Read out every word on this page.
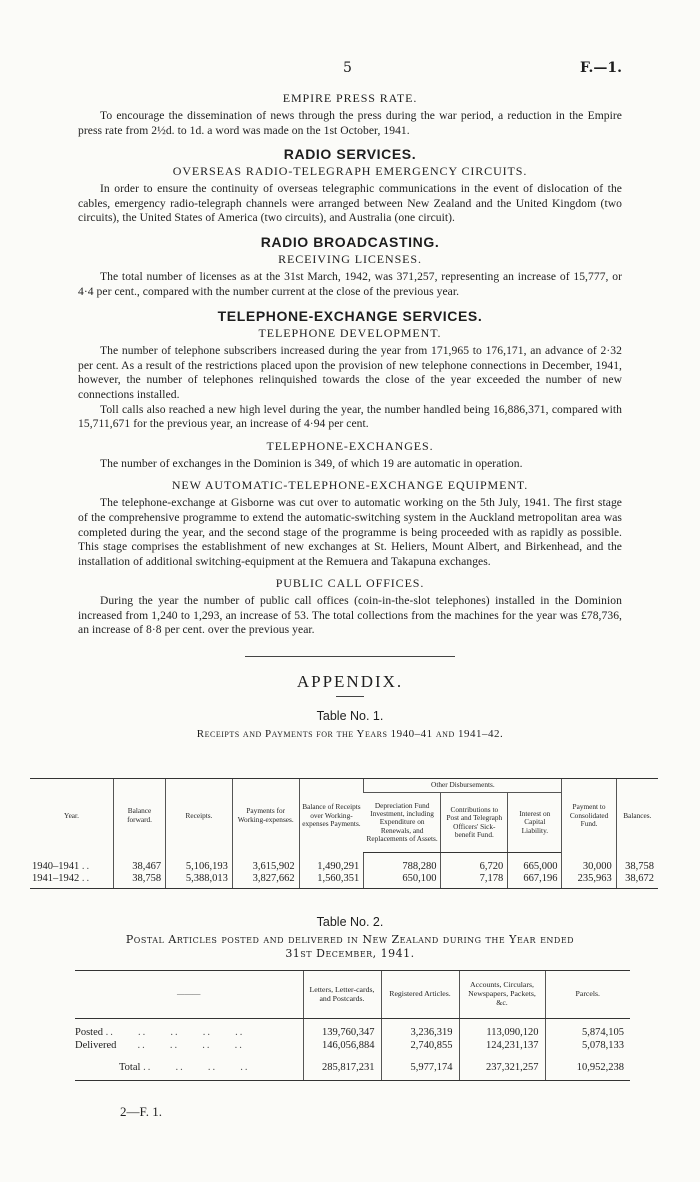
5	F.—1.
EMPIRE PRESS RATE.

To encourage the dissemination of news through the press during the war period, a reduction in the Empire press rate from 2½d. to 1d. a word was made on the 1st October, 1941.

RADIO SERVICES.
OVERSEAS RADIO-TELEGRAPH EMERGENCY CIRCUITS.

In order to ensure the continuity of overseas telegraphic communications in the event of dislocation of the cables, emergency radio-telegraph channels were arranged between New Zealand and the United Kingdom (two circuits), the United States of America (two circuits), and Australia (one circuit).

RADIO BROADCASTING.
RECEIVING LICENSES.

The total number of licenses as at the 31st March, 1942, was 371,257, representing an increase of 15,777, or 4·4 per cent., compared with the number current at the close of the previous year.

TELEPHONE-EXCHANGE SERVICES.
TELEPHONE DEVELOPMENT.

The number of telephone subscribers increased during the year from 171,965 to 176,171, an advance of 2·32 per cent. As a result of the restrictions placed upon the provision of new telephone connections in December, 1941, however, the number of telephones relinquished towards the close of the year exceeded the number of new connections installed.

Toll calls also reached a new high level during the year, the number handled being 16,886,371, compared with 15,711,671 for the previous year, an increase of 4·94 per cent.

TELEPHONE-EXCHANGES.

The number of exchanges in the Dominion is 349, of which 19 are automatic in operation.

NEW AUTOMATIC-TELEPHONE-EXCHANGE EQUIPMENT.

The telephone-exchange at Gisborne was cut over to automatic working on the 5th July, 1941. The first stage of the comprehensive programme to extend the automatic-switching system in the Auckland metropolitan area was completed during the year, and the second stage of the programme is being proceeded with as rapidly as possible. This stage comprises the establishment of new exchanges at St. Heliers, Mount Albert, and Birkenhead, and the installation of additional switching-equipment at the Remuera and Takapuna exchanges.

PUBLIC CALL OFFICES.

During the year the number of public call offices (coin-in-the-slot telephones) installed in the Dominion increased from 1,240 to 1,293, an increase of 53. The total collections from the machines for the year was £78,736, an increase of 8·8 per cent. over the previous year.

APPENDIX.
Table No. 1.
Receipts and Payments for the Years 1940–41 and 1941–42.
Year.	Balance forward.	Receipts.	Payments for Working-expenses.	Balance of Receipts over Working-expenses Payments.	Other Disbursements.			Payment to Consolidated Fund.	Balances.
					Depreciation Fund Investment, including Expenditure on Renewals, and Replacements of Assets.	Contributions to Post and Telegraph Officers' Sick-benefit Fund.	Interest on Capital Liability.		
1940–1941 ..	38,467	5,106,193	3,615,902	1,490,291	788,280	6,720	665,000	30,000	38,758
1941–1942 ..	38,758	5,388,013	3,827,662	1,560,351	650,100	7,178	667,196	235,963	38,672
Table No. 2.
Postal Articles posted and delivered in New Zealand during the Year ended
31st December, 1941.
———	Letters, Letter-cards, and Postcards.	Registered Articles.	Accounts, Circulars, Newspapers, Packets, &c.	Parcels.
Posted ..     ..     ..     ..     ..	139,760,347	3,236,319	113,090,120	5,874,105
Delivered     ..     ..     ..     ..	146,056,884	2,740,855	124,231,137	5,078,133
Total ..     ..     ..     ..	285,817,231	5,977,174	237,321,257	10,952,238
2—F. 1.
